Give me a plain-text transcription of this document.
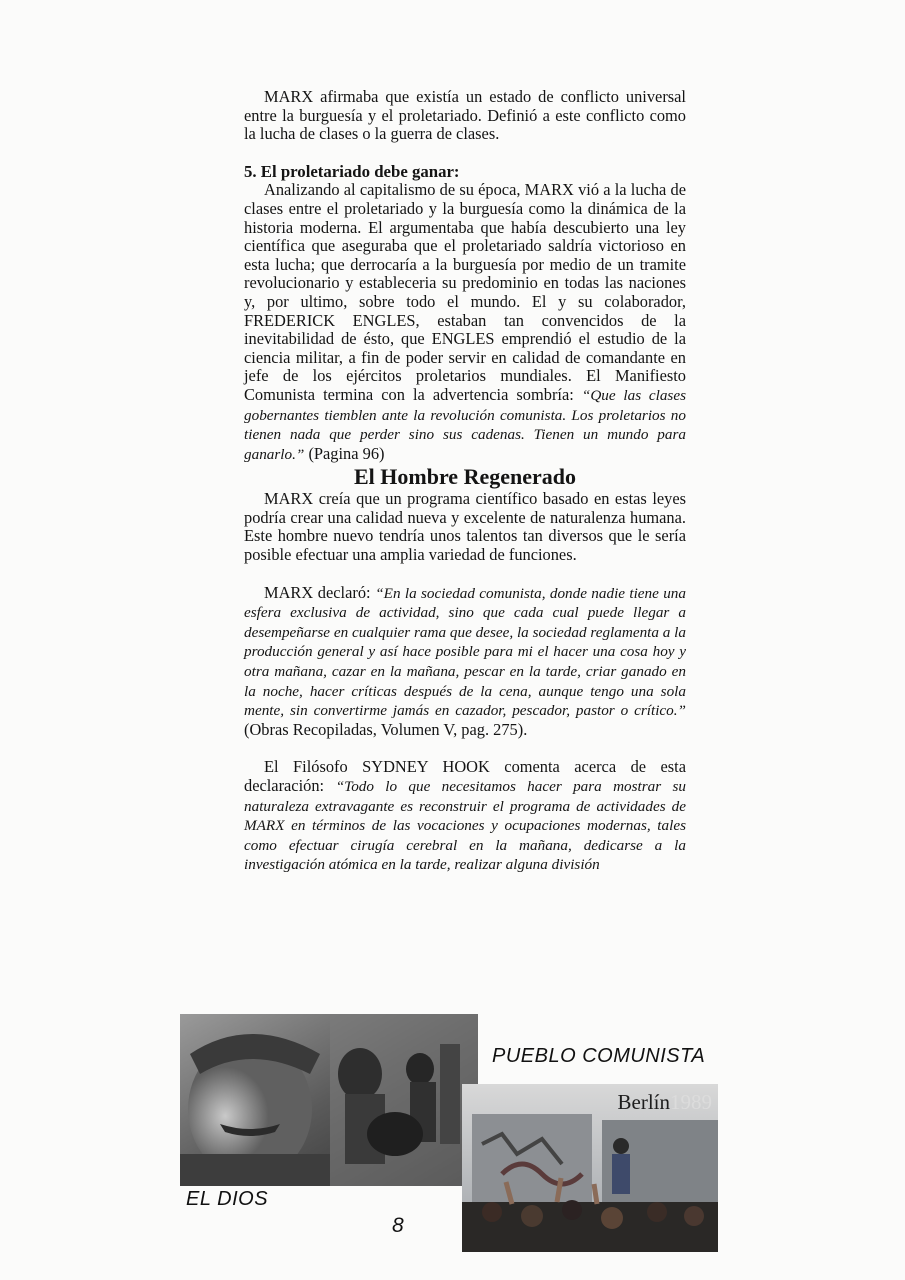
MARX afirmaba que existía un estado de conflicto universal entre la burguesía y el proletariado. Definió a este conflicto como la lucha de clases o la guerra de clases.

5. El proletariado debe ganar:

Analizando al capitalismo de su época, MARX vió a la lucha de clases entre el proletariado y la burguesía como la dinámica de la historia moderna. El argumentaba que había descubierto una ley científica que aseguraba que el proletariado saldría victorioso en esta lucha; que derrocaría a la burguesía por medio de un tramite revolucionario y estableceria su predominio en todas las naciones y, por ultimo, sobre todo el mundo. El y su colaborador, FREDERICK ENGLES, estaban tan convencidos de la inevitabilidad de ésto, que ENGLES emprendió el estudio de la ciencia militar, a fin de poder servir en calidad de comandante en jefe de los ejércitos proletarios mundiales. El Manifiesto Comunista termina con la advertencia sombría: “Que las clases gobernantes tiemblen ante la revolución comunista. Los proletarios no tienen nada que perder sino sus cadenas. Tienen un mundo para ganarlo.” (Pagina 96)

El Hombre Regenerado

MARX creía que un programa científico basado en estas leyes podría crear una calidad nueva y excelente de naturalenza humana. Este hombre nuevo tendría unos talentos tan diversos que le sería posible efectuar una amplia variedad de funciones.

MARX declaró: “En la sociedad comunista, donde nadie tiene una esfera exclusiva de actividad, sino que cada cual puede llegar a desempeñarse en cualquier rama que desee, la sociedad reglamenta a la producción general y así hace posible para mi el hacer una cosa hoy y otra mañana, cazar en la mañana, pescar en la tarde, criar ganado en la noche, hacer críticas después de la cena, aunque tengo una sola mente, sin convertirme jamás en cazador, pescador, pastor o crítico.” (Obras Recopiladas, Volumen V, pag. 275).

El Filósofo SYDNEY HOOK comenta acerca de esta declaración: “Todo lo que necesitamos hacer para mostrar su naturaleza extravagante es reconstruir el programa de actividades de MARX en términos de las vocaciones y ocupaciones modernas, tales como efectuar cirugía cerebral en la mañana, dedicarse a la investigación atómica en la tarde, realizar alguna división

Berlín1989
PUEBLO COMUNISTA
EL DIOS
8
